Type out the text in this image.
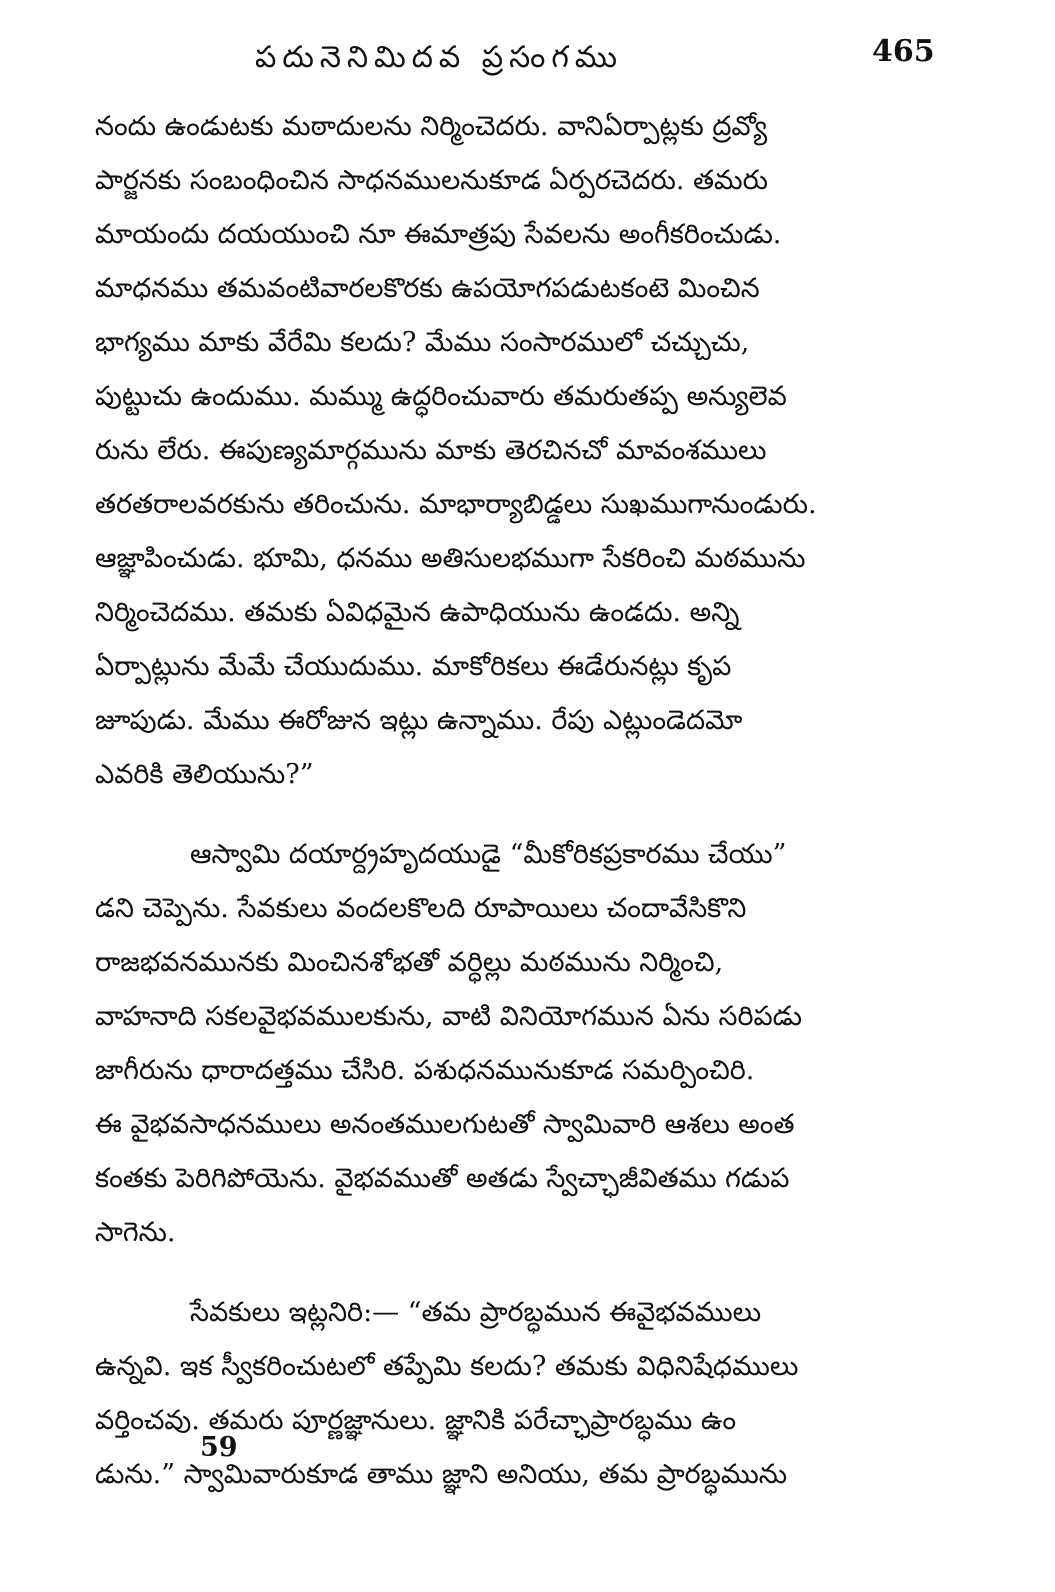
పదునెనిమిదవ ప్రసంగము	465
నందు ఉండుటకు మఠాదులను నిర్మించెదరు. వానిఏర్పాట్లకు ద్రవ్యో
పార్జనకు సంబంధించిన సాధనములనుకూడ ఏర్పరచెదరు. తమరు
మాయందు దయయుంచి నూ ఈమాత్రపు సేవలను అంగీకరించుడు.
మాధనము తమవంటివారలకొరకు ఉపయోగపడుటకంటె మించిన
భాగ్యము మాకు వేరేమి కలదు? మేము సంసారములో చచ్చుచు,
పుట్టుచు ఉందుము. మమ్ము ఉద్ధరించువారు తమరుతప్ప అన్యులెవ
రును లేరు. ఈపుణ్యమార్గమును మాకు తెరచినచో మావంశములు
తరతరాలవరకును తరించును. మాభార్యాబిడ్డలు సుఖముగానుండురు.
ఆజ్ఞాపించుడు. భూమి, ధనము అతిసులభముగా సేకరించి మఠమును
నిర్మించెదము. తమకు ఏవిధమైన ఉపాధియును ఉండదు. అన్ని
ఏర్పాట్లును మేమే చేయుదుము. మాకోరికలు ఈడేరునట్లు కృప
జూపుడు. మేము ఈరోజున ఇట్లు ఉన్నాము. రేపు ఎట్లుండెదమో
ఎవరికి తెలియును?”
ఆస్వామి దయార్ద్రహృదయుడై “మీకోరికప్రకారము చేయు”
డని చెప్పెను. సేవకులు వందలకొలది రూపాయిలు చందావేసికొని
రాజభవనమునకు మించినశోభతో వర్ధిల్లు మఠమును నిర్మించి,
వాహనాది సకలవైభవములకును, వాటి వినియోగమున ఏను సరిపడు
జాగీరును ధారాదత్తము చేసిరి. పశుధనమునుకూడ సమర్పించిరి.
ఈ వైభవసాధనములు అనంతములగుటతో స్వామివారి ఆశలు అంత
కంతకు పెరిగిపోయెను. వైభవముతో అతడు స్వేచ్ఛాజీవితము గడుప
సాగెను.
సేవకులు ఇట్లనిరి:— “తమ ప్రారబ్ధమున ఈవైభవములు
ఉన్నవి. ఇక స్వీకరించుటలో తప్పేమి కలదు? తమకు విధినిషేధములు
వర్తించవు. తమరు పూర్ణజ్ఞానులు. జ్ఞానికి పరేచ్ఛాప్రారబ్ధము ఉం
డును.” స్వామివారుకూడ తాము జ్ఞాని అనియు, తమ ప్రారబ్ధమును
59
